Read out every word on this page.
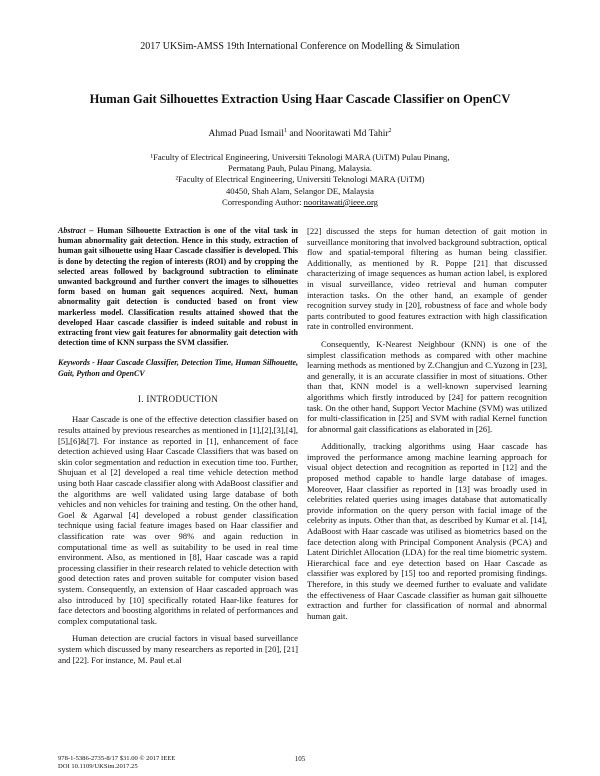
2017 UKSim-AMSS 19th International Conference on Modelling & Simulation
Human Gait Silhouettes Extraction Using Haar Cascade Classifier on OpenCV
Ahmad Puad Ismail$^1$ and Nooritawati Md Tahir$^2$
¹Faculty of Electrical Engineering, Universiti Teknologi MARA (UiTM) Pulau Pinang,
Permatang Pauh, Pulau Pinang, Malaysia.
²Faculty of Electrical Engineering, Universiti Teknologi MARA (UiTM)
40450, Shah Alam, Selangor DE, Malaysia
Corresponding Author: nooritawati@ieee.org
Abstract – Human Silhouette Extraction is one of the vital task in human abnormality gait detection. Hence in this study, extraction of human gait silhouette using Haar Cascade classifier is developed. This is done by detecting the region of interests (ROI) and by cropping the selected areas followed by background subtraction to eliminate unwanted background and further convert the images to silhouettes form based on human gait sequences acquired. Next, human abnormality gait detection is conducted based on front view markerless model. Classification results attained showed that the developed Haar cascade classifier is indeed suitable and robust in extracting front view gait features for abnormality gait detection with detection time of KNN surpass the SVM classifier.
Keywords - Haar Cascade Classifier, Detection Time, Human Silhouette, Gait, Python and OpenCV
I. INTRODUCTION
Haar Cascade is one of the effective detection classifier based on results attained by previous researches as mentioned in [1],[2],[3],[4],[5],[6]&[7]. For instance as reported in [1], enhancement of face detection achieved using Haar Cascade Classifiers that was based on skin color segmentation and reduction in execution time too. Further, Shujuan et al [2] developed a real time vehicle detection method using both Haar cascade classifier along with AdaBoost classifier and the algorithms are well validated using large database of both vehicles and non vehicles for training and testing. On the other hand, Goel & Agarwal [4] developed a robust gender classification technique using facial feature images based on Haar classifier and classification rate was over 98% and again reduction in computational time as well as suitability to be used in real time environment. Also, as mentioned in [8], Haar cascade was a rapid processing classifier in their research related to vehicle detection with good detection rates and proven suitable for computer vision based system. Consequently, an extension of Haar cascaded approach was also introduced by [10] specifically rotated Haar-like features for face detectors and boosting algorithms in related of performances and complex computational task.
Human detection are crucial factors in visual based surveillance system which discussed by many researchers as reported in [20], [21] and [22]. For instance, M. Paul et.al
[22] discussed the steps for human detection of gait motion in surveillance monitoring that involved background subtraction, optical flow and spatial-temporal filtering as human being classifier. Additionally, as mentioned by R. Poppe [21] that discussed characterizing of image sequences as human action label, is explored in visual surveillance, video retrieval and human computer interaction tasks. On the other hand, an example of gender recognition survey study in [20], robustness of face and whole body parts contributed to good features extraction with high classification rate in controlled environment.
Consequently, K-Nearest Neighbour (KNN) is one of the simplest classification methods as compared with other machine learning methods as mentioned by Z.Changjun and C.Yuzong in [23], and generally, it is an accurate classifier in most of situations. Other than that, KNN model is a well-known supervised learning algorithms which firstly introduced by [24] for pattern recognition task. On the other hand, Support Vector Machine (SVM) was utilized for multi-classification in [25] and SVM with radial Kernel function for abnormal gait classifications as elaborated in [26].
Additionally, tracking algorithms using Haar cascade has improved the performance among machine learning approach for visual object detection and recognition as reported in [12] and the proposed method capable to handle large database of images. Moreover, Haar classifier as reported in [13] was broadly used in celebrities related queries using images database that automatically provide information on the query person with facial image of the celebrity as inputs. Other than that, as described by Kumar et al. [14], AdaBoost with Haar cascade was utilised as biometrics based on the face detection along with Principal Component Analysis (PCA) and Latent Dirichlet Allocation (LDA) for the real time biometric system. Hierarchical face and eye detection based on Haar Cascade as classifier was explored by [15] too and reported promising findings. Therefore, in this study we deemed further to evaluate and validate the effectiveness of Haar Cascade classifier as human gait silhouette extraction and further for classification of normal and abnormal human gait.
978-1-5386-2735-8/17 $31.00 © 2017 IEEE
DOI 10.1109/UKSim.2017.25
105
